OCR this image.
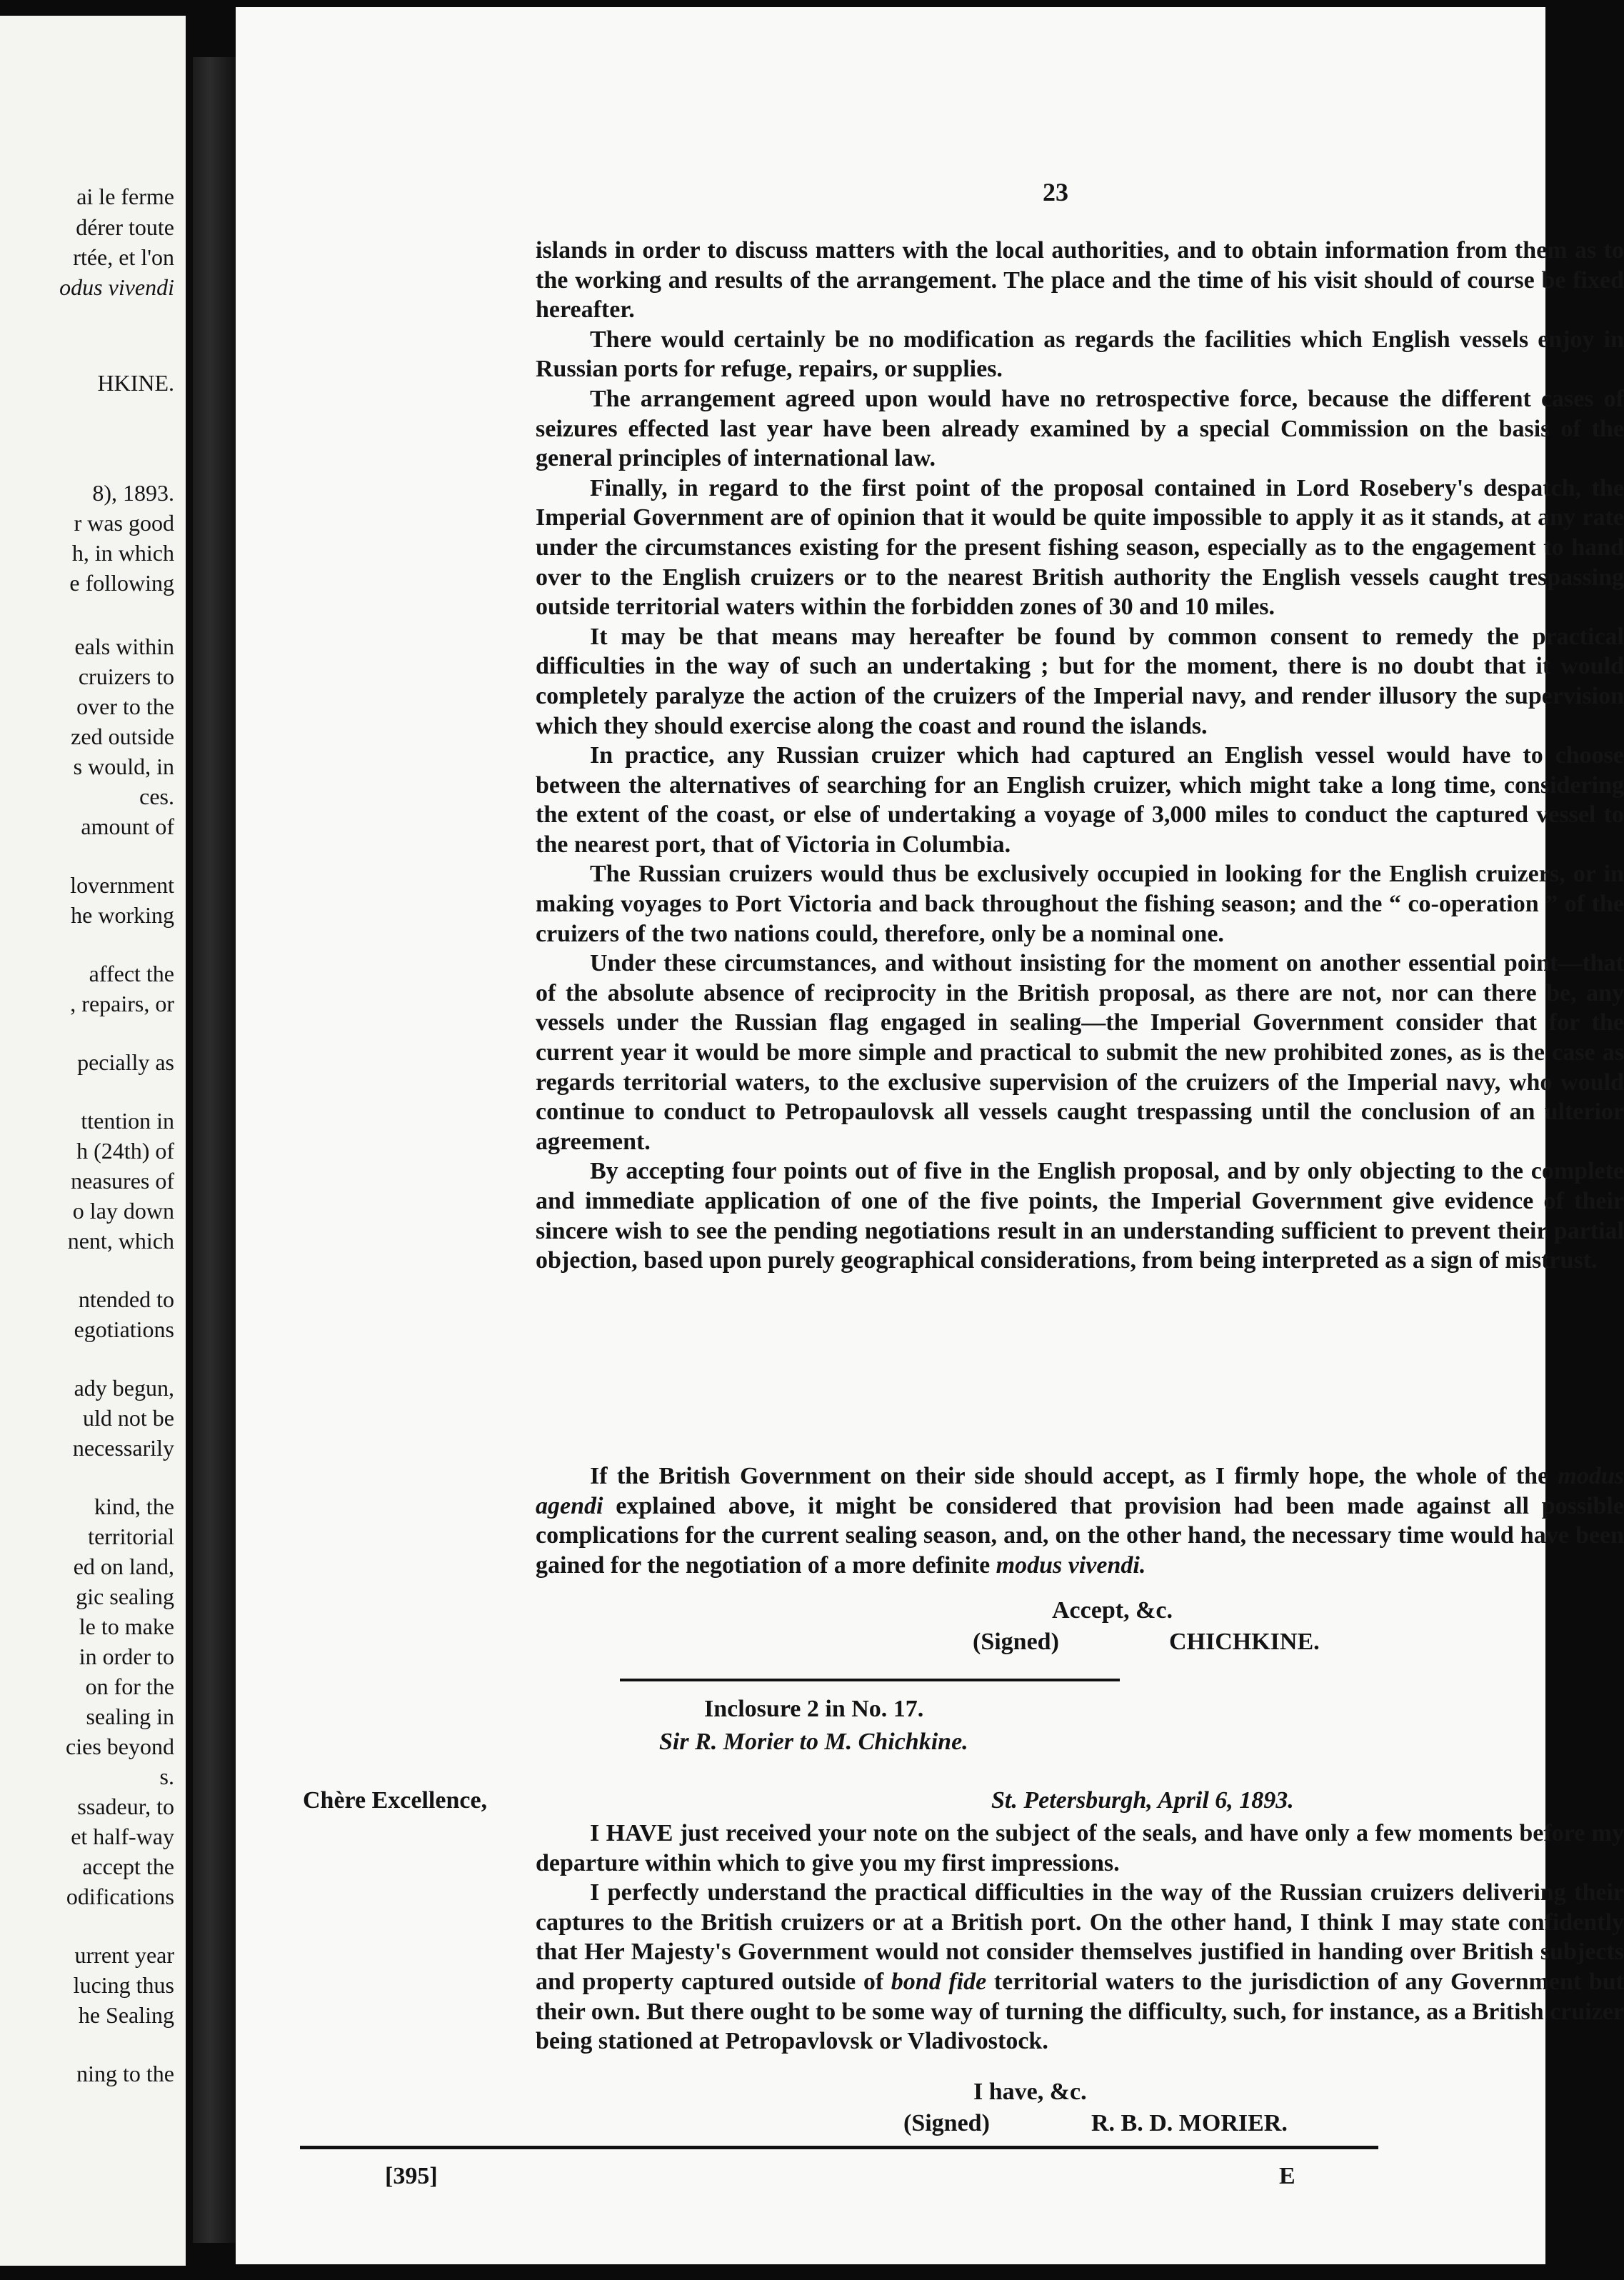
ai le ferme
dérer toute
rtée, et l'on
odus vivendi
HKINE.
8), 1893.
r was good
h, in which
e following
eals within
cruizers to
over to the
zed outside
s would, in
ces.
amount of
lovernment
he working
affect the
, repairs, or
pecially as
ttention in
h (24th) of
neasures of
o lay down
nent, which
ntended to
egotiations
ady begun,
uld not be
necessarily
kind, the
territorial
ed on land,
gic sealing
le to make
in order to
on for the
sealing in
cies beyond
s.
ssadeur, to
et half-way
accept the
odifications
urrent year
lucing thus
he Sealing
ning to the
23

islands in order to discuss matters with the local authorities, and to obtain information from them as to the working and results of the arrangement. The place and the time of his visit should of course be fixed hereafter.

There would certainly be no modification as regards the facilities which English vessels enjoy in Russian ports for refuge, repairs, or supplies.

The arrangement agreed upon would have no retrospective force, because the different cases of seizures effected last year have been already examined by a special Commission on the basis of the general principles of international law.

Finally, in regard to the first point of the proposal contained in Lord Rosebery's despatch, the Imperial Government are of opinion that it would be quite impossible to apply it as it stands, at any rate under the circumstances existing for the present fishing season, especially as to the engagement to hand over to the English cruizers or to the nearest British authority the English vessels caught trespassing outside territorial waters within the forbidden zones of 30 and 10 miles.

It may be that means may hereafter be found by common consent to remedy the practical difficulties in the way of such an undertaking ; but for the moment, there is no doubt that it would completely paralyze the action of the cruizers of the Imperial navy, and render illusory the supervision which they should exercise along the coast and round the islands.

In practice, any Russian cruizer which had captured an English vessel would have to choose between the alternatives of searching for an English cruizer, which might take a long time, considering the extent of the coast, or else of undertaking a voyage of 3,000 miles to conduct the captured vessel to the nearest port, that of Victoria in Columbia.

The Russian cruizers would thus be exclusively occupied in looking for the English cruizers, or in making voyages to Port Victoria and back throughout the fishing season; and the “ co-operation ” of the cruizers of the two nations could, therefore, only be a nominal one.

Under these circumstances, and without insisting for the moment on another essential point—that of the absolute absence of reciprocity in the British proposal, as there are not, nor can there be, any vessels under the Russian flag engaged in sealing—the Imperial Government consider that for the current year it would be more simple and practical to submit the new prohibited zones, as is the case as regards territorial waters, to the exclusive supervision of the cruizers of the Imperial navy, who would continue to conduct to Petropaulovsk all vessels caught trespassing until the conclusion of an ulterior agreement.

By accepting four points out of five in the English proposal, and by only objecting to the complete and immediate application of one of the five points, the Imperial Government give evidence of their sincere wish to see the pending negotiations result in an understanding sufficient to prevent their partial objection, based upon purely geographical considerations, from being interpreted as a sign of mistrust.

If the British Government on their side should accept, as I firmly hope, the whole of the modus agendi explained above, it might be considered that provision had been made against all possible complications for the current sealing season, and, on the other hand, the necessary time would have been gained for the negotiation of a more definite modus vivendi.

Accept, &c.
(Signed)	CHICHKINE.
Inclosure 2 in No. 17.
Sir R. Morier to M. Chichkine.
Chère Excellence,	St. Petersburgh, April 6, 1893.

I HAVE just received your note on the subject of the seals, and have only a few moments before my departure within which to give you my first impressions.

I perfectly understand the practical difficulties in the way of the Russian cruizers delivering their captures to the British cruizers or at a British port. On the other hand, I think I may state confidently that Her Majesty's Government would not consider themselves justified in handing over British subjects and property captured outside of bond fide territorial waters to the jurisdiction of any Government but their own. But there ought to be some way of turning the difficulty, such, for instance, as a British cruizer being stationed at Petropavlovsk or Vladivostock.

I have, &c.
(Signed)	R. B. D. MORIER.
[395]	E
